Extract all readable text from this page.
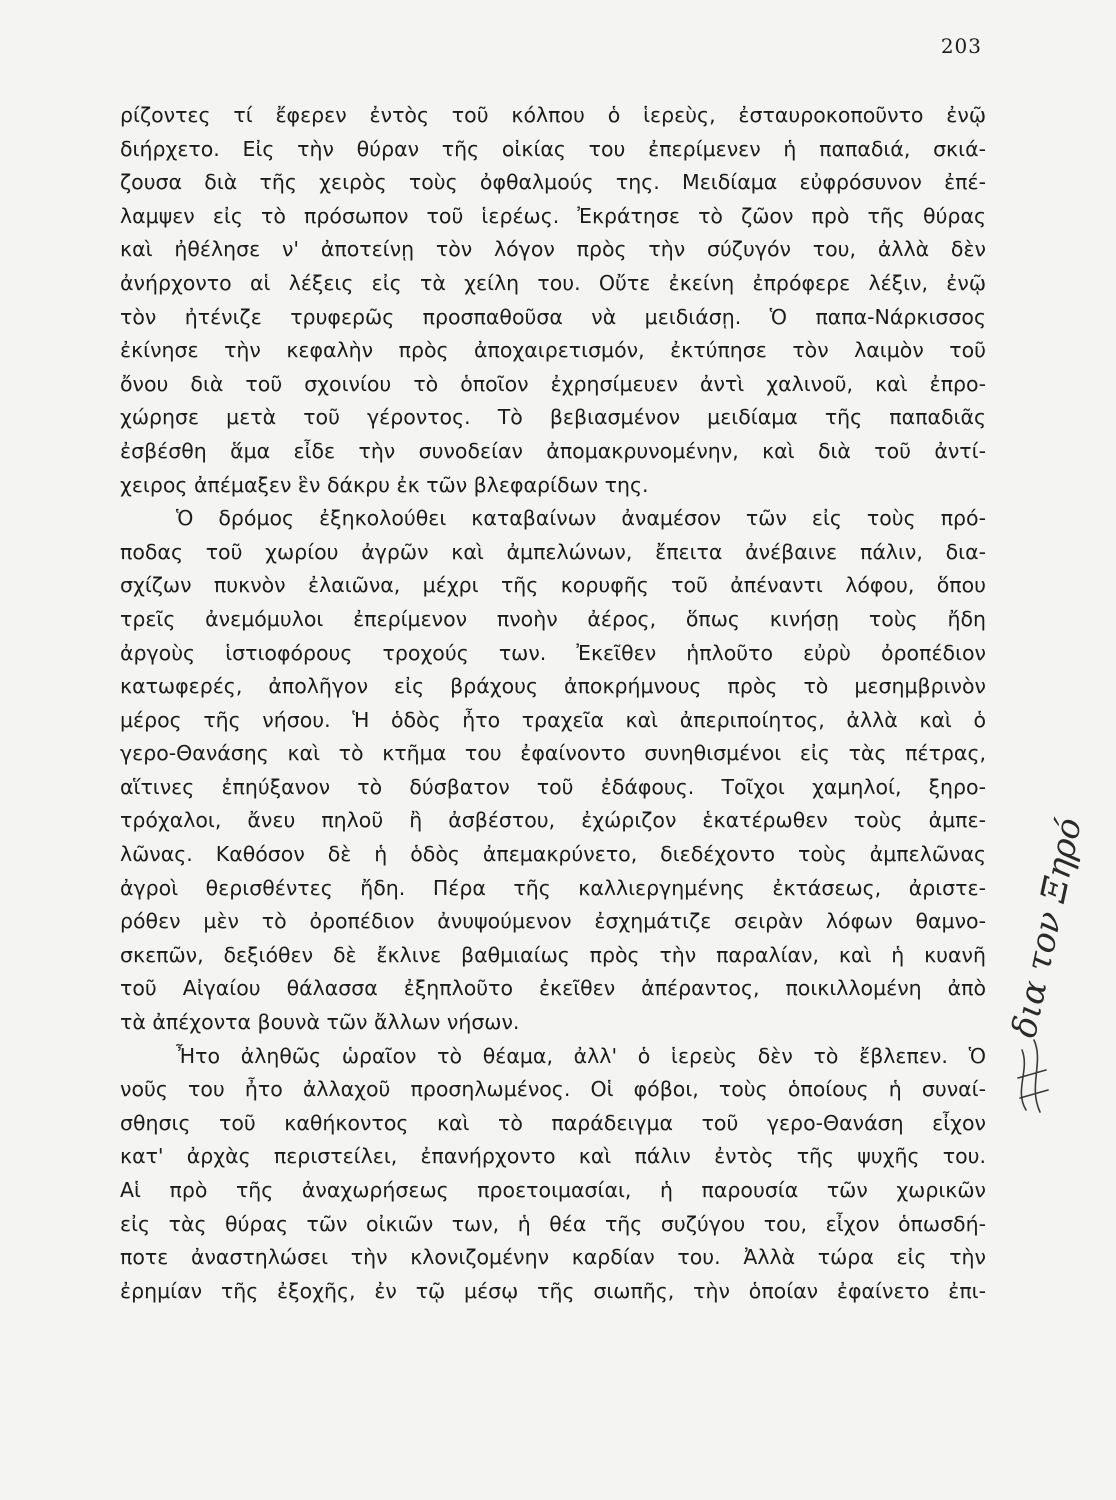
203
ρίζοντες τί ἔφερεν ἐντὸς τοῦ κόλπου ὁ ἱερεὺς, ἐσταυροκοποῦντο ἐνῷ
διήρχετο. Εἰς τὴν θύραν τῆς οἰκίας του ἐπερίμενεν ἡ παπαδιά, σκιά-
ζουσα διὰ τῆς χειρὸς τοὺς ὀφθαλμούς της. Μειδίαμα εὐφρόσυνον ἐπέ-
λαμψεν εἰς τὸ πρόσωπον τοῦ ἱερέως. Ἐκράτησε τὸ ζῶον πρὸ τῆς θύρας
καὶ ἠθέλησε ν' ἀποτείνῃ τὸν λόγον πρὸς τὴν σύζυγόν του, ἀλλὰ δὲν
ἀνήρχοντο αἱ λέξεις εἰς τὰ χείλη του. Οὔτε ἐκείνη ἐπρόφερε λέξιν, ἐνῷ
τὸν ἠτένιζε τρυφερῶς προσπαθοῦσα νὰ μειδιάσῃ. Ὁ παπα-Νάρκισσος
ἐκίνησε τὴν κεφαλὴν πρὸς ἀποχαιρετισμόν, ἐκτύπησε τὸν λαιμὸν τοῦ
ὄνου διὰ τοῦ σχοινίου τὸ ὁποῖον ἐχρησίμευεν ἀντὶ χαλινοῦ, καὶ ἐπρο-
χώρησε μετὰ τοῦ γέροντος. Τὸ βεβιασμένον μειδίαμα τῆς παπαδιᾶς
ἐσβέσθη ἅμα εἶδε τὴν συνοδείαν ἀπομακρυνομένην, καὶ διὰ τοῦ ἀντί-
χειρος ἀπέμαξεν ἓν δάκρυ ἐκ τῶν βλεφαρίδων της.
Ὁ δρόμος ἐξηκολούθει καταβαίνων ἀναμέσον τῶν εἰς τοὺς πρό-
ποδας τοῦ χωρίου ἀγρῶν καὶ ἀμπελώνων, ἔπειτα ἀνέβαινε πάλιν, δια-
σχίζων πυκνὸν ἐλαιῶνα, μέχρι τῆς κορυφῆς τοῦ ἀπέναντι λόφου, ὅπου
τρεῖς ἀνεμόμυλοι ἐπερίμενον πνοὴν ἀέρος, ὅπως κινήσῃ τοὺς ἤδη
ἀργοὺς ἱστιοφόρους τροχούς των. Ἐκεῖθεν ἡπλοῦτο εὐρὺ ὀροπέδιον
κατωφερές, ἀπολῆγον εἰς βράχους ἀποκρήμνους πρὸς τὸ μεσημβρινὸν
μέρος τῆς νήσου. Ἡ ὁδὸς ἦτο τραχεῖα καὶ ἀπεριποίητος, ἀλλὰ καὶ ὁ
γερο-Θανάσης καὶ τὸ κτῆμα του ἐφαίνοντο συνηθισμένοι εἰς τὰς πέτρας,
αἵτινες ἐπηύξανον τὸ δύσβατον τοῦ ἐδάφους. Τοῖχοι χαμηλοί, ξηρο-
τρόχαλοι, ἄνευ πηλοῦ ἢ ἀσβέστου, ἐχώριζον ἑκατέρωθεν τοὺς ἀμπε-
λῶνας. Καθόσον δὲ ἡ ὁδὸς ἀπεμακρύνετο, διεδέχοντο τοὺς ἀμπελῶνας
ἀγροὶ θερισθέντες ἤδη. Πέρα τῆς καλλιεργημένης ἐκτάσεως, ἀριστε-
ρόθεν μὲν τὸ ὀροπέδιον ἀνυψούμενον ἐσχημάτιζε σειρὰν λόφων θαμνο-
σκεπῶν, δεξιόθεν δὲ ἔκλινε βαθμιαίως πρὸς τὴν παραλίαν, καὶ ἡ κυανῆ
τοῦ Αἰγαίου θάλασσα ἐξηπλοῦτο ἐκεῖθεν ἀπέραντος, ποικιλλομένη ἀπὸ
τὰ ἀπέχοντα βουνὰ τῶν ἄλλων νήσων.
Ἦτο ἀληθῶς ὡραῖον τὸ θέαμα, ἀλλ' ὁ ἱερεὺς δὲν τὸ ἔβλεπεν. Ὁ
νοῦς του ἦτο ἀλλαχοῦ προσηλωμένος. Οἱ φόβοι, τοὺς ὁποίους ἡ συναί-
σθησις τοῦ καθήκοντος καὶ τὸ παράδειγμα τοῦ γερο-Θανάση εἶχον
κατ' ἀρχὰς περιστείλει, ἐπανήρχοντο καὶ πάλιν ἐντὸς τῆς ψυχῆς του.
Αἱ πρὸ τῆς ἀναχωρήσεως προετοιμασίαι, ἡ παρουσία τῶν χωρικῶν
εἰς τὰς θύρας τῶν οἰκιῶν των, ἡ θέα τῆς συζύγου του, εἶχον ὁπωσδή-
ποτε ἀναστηλώσει τὴν κλονιζομένην καρδίαν του. Ἀλλὰ τώρα εἰς τὴν
ἐρημίαν τῆς ἐξοχῆς, ἐν τῷ μέσῳ τῆς σιωπῆς, τὴν ὁποίαν ἐφαίνετο ἐπι-
δια τον Ξηρό
